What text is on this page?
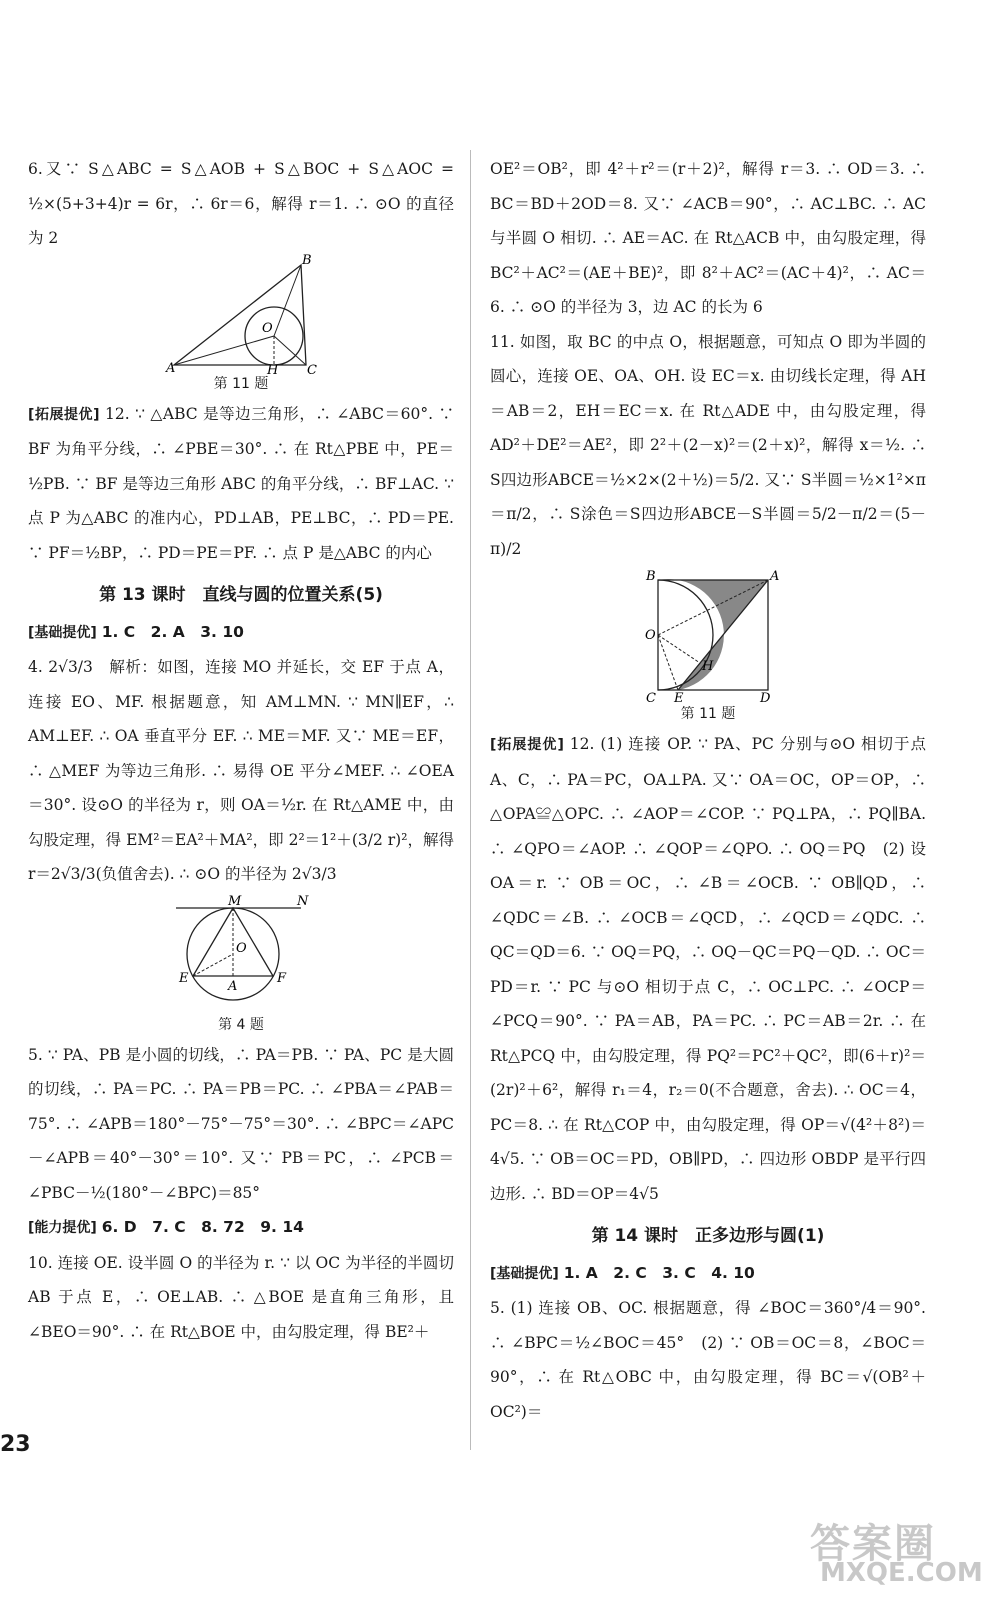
6.又∵ S△ABC = S△AOB + S△BOC + S△AOC = ½×(5+3+4)r = 6r，∴ 6r＝6，解得 r＝1. ∴ ⊙O 的直径为 2

A
B
C
H
O
第 11 题

[拓展提优] 12. ∵ △ABC 是等边三角形，∴ ∠ABC＝60°. ∵ BF 为角平分线，∴ ∠PBE＝30°. ∴ 在 Rt△PBE 中，PE＝½PB. ∵ BF 是等边三角形 ABC 的角平分线，∴ BF⊥AC. ∵ 点 P 为△ABC 的准内心，PD⊥AB，PE⊥BC，∴ PD＝PE. ∵ PF＝½BP，∴ PD＝PE＝PF. ∴ 点 P 是△ABC 的内心

第 13 课时　直线与圆的位置关系(5)

[基础提优] 1. C　2. A　3. 10

4. 2√3/3　解析：如图，连接 MO 并延长，交 EF 于点 A，连接 EO、MF. 根据题意，知 AM⊥MN. ∵ MN∥EF，∴ AM⊥EF. ∴ OA 垂直平分 EF. ∴ ME＝MF. 又∵ ME＝EF，∴ △MEF 为等边三角形. ∴ 易得 OE 平分∠MEF. ∴ ∠OEA＝30°. 设⊙O 的半径为 r，则 OA＝½r. 在 Rt△AME 中，由勾股定理，得 EM²＝EA²＋MA²，即 2²＝1²＋(3/2 r)²，解得 r＝2√3/3(负值舍去). ∴ ⊙O 的半径为 2√3/3

M	N
O
E
A
F
第 4 题

5. ∵ PA、PB 是小圆的切线，∴ PA＝PB. ∵ PA、PC 是大圆的切线，∴ PA＝PC. ∴ PA＝PB＝PC. ∴ ∠PBA＝∠PAB＝75°. ∴ ∠APB＝180°－75°－75°＝30°. ∴ ∠BPC＝∠APC－∠APB＝40°－30°＝10°. 又∵ PB＝PC，∴ ∠PCB＝∠PBC－½(180°－∠BPC)＝85°

[能力提优] 6. D　7. C　8. 72　9. 14

10. 连接 OE. 设半圆 O 的半径为 r. ∵ 以 OC 为半径的半圆切 AB 于点 E，∴ OE⊥AB. ∴ △BOE 是直角三角形，且 ∠BEO＝90°. ∴ 在 Rt△BOE 中，由勾股定理，得 BE²＋

OE²＝OB²，即 4²＋r²＝(r＋2)²，解得 r＝3. ∴ OD＝3. ∴ BC＝BD＋2OD＝8. 又∵ ∠ACB＝90°，∴ AC⊥BC. ∴ AC 与半圆 O 相切. ∴ AE＝AC. 在 Rt△ACB 中，由勾股定理，得 BC²＋AC²＝(AE＋BE)²，即 8²＋AC²＝(AC＋4)²，∴ AC＝6. ∴ ⊙O 的半径为 3，边 AC 的长为 6

11. 如图，取 BC 的中点 O，根据题意，可知点 O 即为半圆的圆心，连接 OE、OA、OH. 设 EC＝x. 由切线长定理，得 AH＝AB＝2，EH＝EC＝x. 在 Rt△ADE 中，由勾股定理，得 AD²＋DE²＝AE²，即 2²＋(2－x)²＝(2＋x)²，解得 x＝½. ∴ S四边形ABCE＝½×2×(2＋½)＝5/2. 又∵ S半圆＝½×1²×π＝π/2，∴ S涂色＝S四边形ABCE－S半圆＝5/2－π/2＝(5－π)/2

B	A
O
C E
H
D
第 11 题

[拓展提优] 12. (1) 连接 OP. ∵ PA、PC 分别与⊙O 相切于点 A、C，∴ PA＝PC，OA⊥PA. 又∵ OA＝OC，OP＝OP，∴ △OPA≌△OPC. ∴ ∠AOP＝∠COP. ∵ PQ⊥PA，∴ PQ∥BA. ∴ ∠QPO＝∠AOP. ∴ ∠QOP＝∠QPO. ∴ OQ＝PQ　(2) 设 OA＝r. ∵ OB＝OC，∴ ∠B＝∠OCB. ∵ OB∥QD，∴ ∠QDC＝∠B. ∴ ∠OCB＝∠QCD，∴ ∠QCD＝∠QDC. ∴ QC＝QD＝6. ∵ OQ＝PQ，∴ OQ－QC＝PQ－QD. ∴ OC＝PD＝r. ∵ PC 与⊙O 相切于点 C，∴ OC⊥PC. ∴ ∠OCP＝∠PCQ＝90°. ∵ PA＝AB，PA＝PC. ∴ PC＝AB＝2r. ∴ 在 Rt△PCQ 中，由勾股定理，得 PQ²＝PC²＋QC²，即(6＋r)²＝(2r)²＋6²，解得 r₁＝4，r₂＝0(不合题意，舍去). ∴ OC＝4，PC＝8. ∴ 在 Rt△COP 中，由勾股定理，得 OP＝√(4²＋8²)＝4√5. ∵ OB＝OC＝PD，OB∥PD，∴ 四边形 OBDP 是平行四边形. ∴ BD＝OP＝4√5

第 14 课时　正多边形与圆(1)

[基础提优] 1. A　2. C　3. C　4. 10

5. (1) 连接 OB、OC. 根据题意，得 ∠BOC＝360°/4＝90°. ∴ ∠BPC＝½∠BOC＝45°　(2) ∵ OB＝OC＝8，∠BOC＝90°，∴ 在 Rt△OBC 中，由勾股定理，得 BC＝√(OB²＋OC²)＝

23
答案圈
MXQE.COM
